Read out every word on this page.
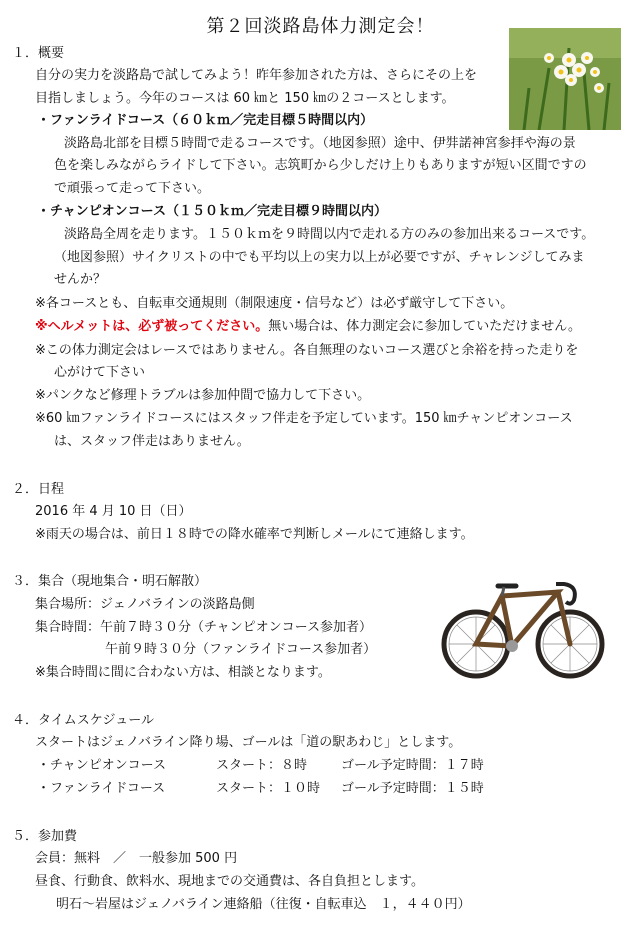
第２回淡路島体力測定会！
１．概要
自分の実力を淡路島で試してみよう！昨年参加された方は、さらにその上を
目指しましょう。今年のコースは 60 ㎞と 150 ㎞の２コースとします。
・ファンライドコース（６０ｋｍ／完走目標５時間以内）
淡路島北部を目標５時間で走るコースです。（地図参照）途中、伊弉諾神宮参拝や海の景
色を楽しみながらライドして下さい。志筑町から少しだけ上りもありますが短い区間ですの
で頑張って走って下さい。
・チャンピオンコース（１５０ｋｍ／完走目標９時間以内）
淡路島全周を走ります。１５０ｋｍを９時間以内で走れる方のみの参加出来るコースです。
（地図参照）サイクリストの中でも平均以上の実力以上が必要ですが、チャレンジしてみま
せんか？
※各コースとも、自転車交通規則（制限速度・信号など）は必ず厳守して下さい。
※ヘルメットは、必ず被ってください。無い場合は、体力測定会に参加していただけません。
※この体力測定会はレースではありません。各自無理のないコース選びと余裕を持った走りを
心がけて下さい
※パンクなど修理トラブルは参加仲間で協力して下さい。
※60 ㎞ファンライドコースにはスタッフ伴走を予定しています。150 ㎞チャンピオンコース
は、スタッフ伴走はありません。
２．日程
2016 年 4 月 10 日（日）
※雨天の場合は、前日１８時での降水確率で判断しメールにて連絡します。
３．集合（現地集合・明石解散）
集合場所：ジェノバラインの淡路島側
集合時間：午前７時３０分（チャンピオンコース参加者）
午前９時３０分（ファンライドコース参加者）
※集合時間に間に合わない方は、相談となります。
４．タイムスケジュール
スタートはジェノバライン降り場、ゴールは「道の駅あわじ」とします。
・チャンピオンコース	スタート：８時	ゴール予定時間：１７時
・ファンライドコース	スタート：１０時 ゴール予定時間：１５時
５．参加費
会員：無料　／　一般参加 500 円
昼食、行動食、飲料水、現地までの交通費は、各自負担とします。
明石～岩屋はジェノバライン連絡船（往復・自転車込　１，４４０円）
